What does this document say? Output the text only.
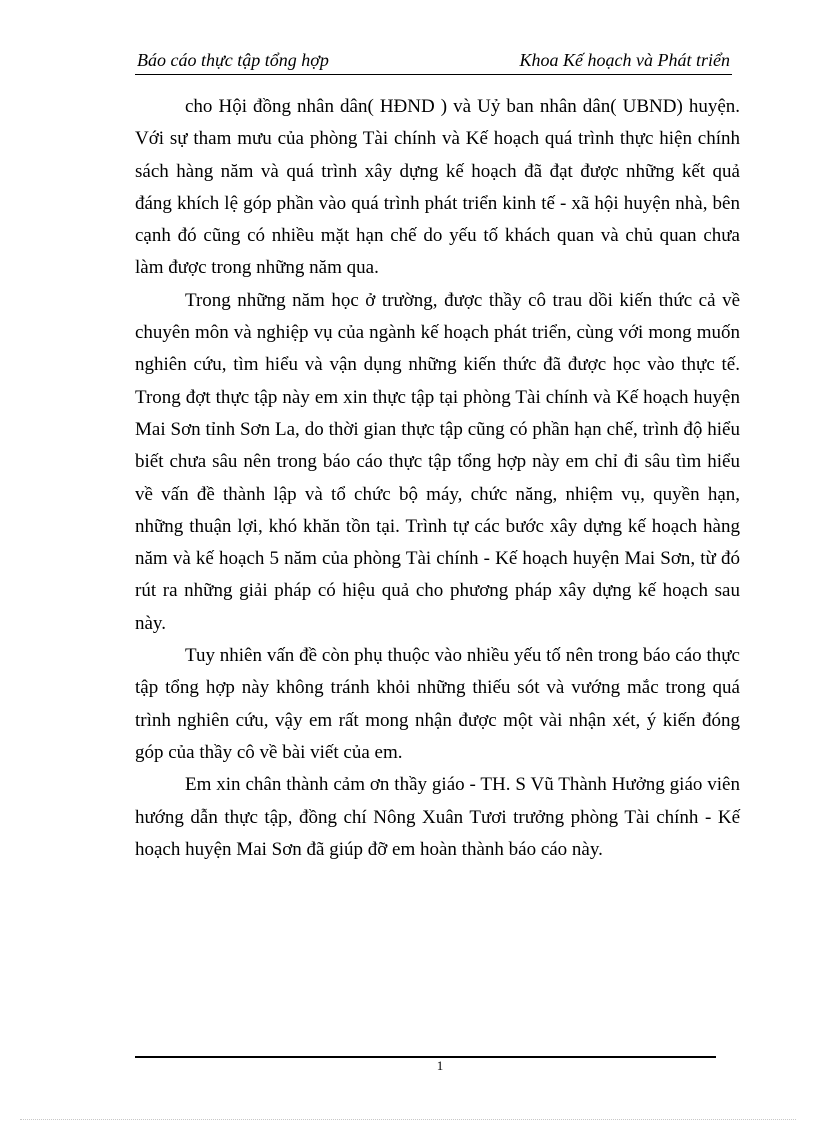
Báo cáo thực tập tổng hợp	Khoa Kế hoạch và Phát triển

cho Hội đồng nhân dân( HĐND ) và Uỷ ban nhân dân( UBND) huyện. Với sự tham mưu của phòng Tài chính và Kế hoạch quá trình thực hiện chính sách hàng năm và quá trình xây dựng kế hoạch đã đạt được những kết quả đáng khích lệ góp phần vào quá trình phát triển kinh tế - xã hội huyện nhà, bên cạnh đó cũng có nhiều mặt hạn chế do yếu tố khách quan và chủ quan chưa làm được trong những năm qua.

Trong những năm học ở trường, được thầy cô trau dồi kiến thức cả về chuyên môn và nghiệp vụ của ngành kế hoạch phát triển, cùng với mong muốn nghiên cứu, tìm hiểu và vận dụng những kiến thức đã được học vào thực tế. Trong đợt thực tập này em xin thực tập tại phòng Tài chính và Kế hoạch huyện Mai Sơn tỉnh Sơn La, do thời gian thực tập cũng có phần hạn chế, trình độ hiểu biết chưa sâu nên trong báo cáo thực tập tổng hợp này em chỉ đi sâu tìm hiểu về vấn đề thành lập và tổ chức bộ máy, chức năng, nhiệm vụ, quyền hạn, những thuận lợi, khó khăn tồn tại. Trình tự các bước xây dựng kế hoạch hàng năm và kế hoạch 5 năm của phòng Tài chính - Kế hoạch huyện Mai Sơn, từ đó rút ra những giải pháp có hiệu quả cho phương pháp xây dựng kế hoạch sau này.

Tuy nhiên vấn đề còn phụ thuộc vào nhiều yếu tố nên trong báo cáo thực tập tổng hợp này không tránh khỏi những thiếu sót và vướng mắc trong quá trình nghiên cứu, vậy em rất mong nhận được một vài nhận xét, ý kiến đóng góp của thầy cô về bài viết của em.

Em xin chân thành cảm ơn thầy giáo - TH. S Vũ Thành Hưởng giáo viên hướng dẫn thực tập, đồng chí Nông Xuân Tươi trưởng phòng Tài chính - Kế hoạch huyện Mai Sơn đã giúp đỡ em hoàn thành báo cáo này.

1
